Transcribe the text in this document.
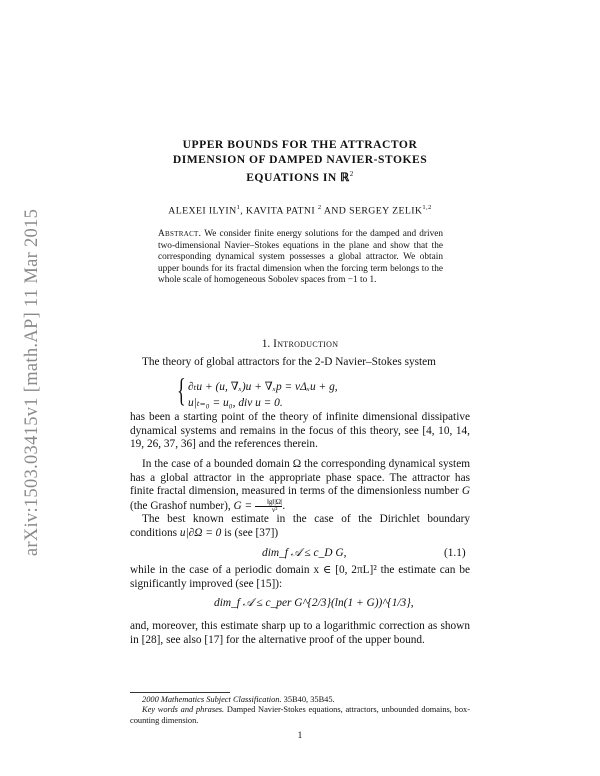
arXiv:1503.03415v1 [math.AP] 11 Mar 2015
UPPER BOUNDS FOR THE ATTRACTOR
DIMENSION OF DAMPED NAVIER-STOKES
EQUATIONS IN ℝ$^2$
ALEXEI ILYIN$^1$, KAVITA PATNI $^2$ AND SERGEY ZELIK$^{1,2}$
Abstract. We consider finite energy solutions for the damped and driven two-dimensional Navier–Stokes equations in the plane and show that the corresponding dynamical system possesses a global attractor. We obtain upper bounds for its fractal dimension when the forcing term belongs to the whole scale of homogeneous Sobolev spaces from −1 to 1.
1. Introduction
The theory of global attractors for the 2-D Navier–Stokes system
{ ∂ₜu + (u, ∇ₓ)u + ∇ₓp = νΔₓu + g,
u|ₜ₌₀ = u₀, div u = 0.
has been a starting point of the theory of infinite dimensional dissipative dynamical systems and remains in the focus of this theory, see [4, 10, 14, 19, 26, 37, 36] and the references therein.
In the case of a bounded domain Ω the corresponding dynamical system has a global attractor in the appropriate phase space. The attractor has finite fractal dimension, measured in terms of the dimensionless number G (the Grashof number), $G = \frac{‖g‖|\Omega|}{\text{ν²}}$ .
The best known estimate in the case of the Dirichlet boundary conditions u|∂Ω = 0 is (see [37])
dim_f 𝒜 ≤ c_D G,	(1.1)
while in the case of a periodic domain x ∈ [0, 2πL]² the estimate can be significantly improved (see [15]):
dim_f 𝒜 ≤ c_per G^{2/3}(ln(1 + G))^{1/3},
and, moreover, this estimate sharp up to a logarithmic correction as shown in [28], see also [17] for the alternative proof of the upper bound.
2000 Mathematics Subject Classification. 35B40, 35B45.
Key words and phrases. Damped Navier-Stokes equations, attractors, unbounded domains, box-counting dimension.
1
